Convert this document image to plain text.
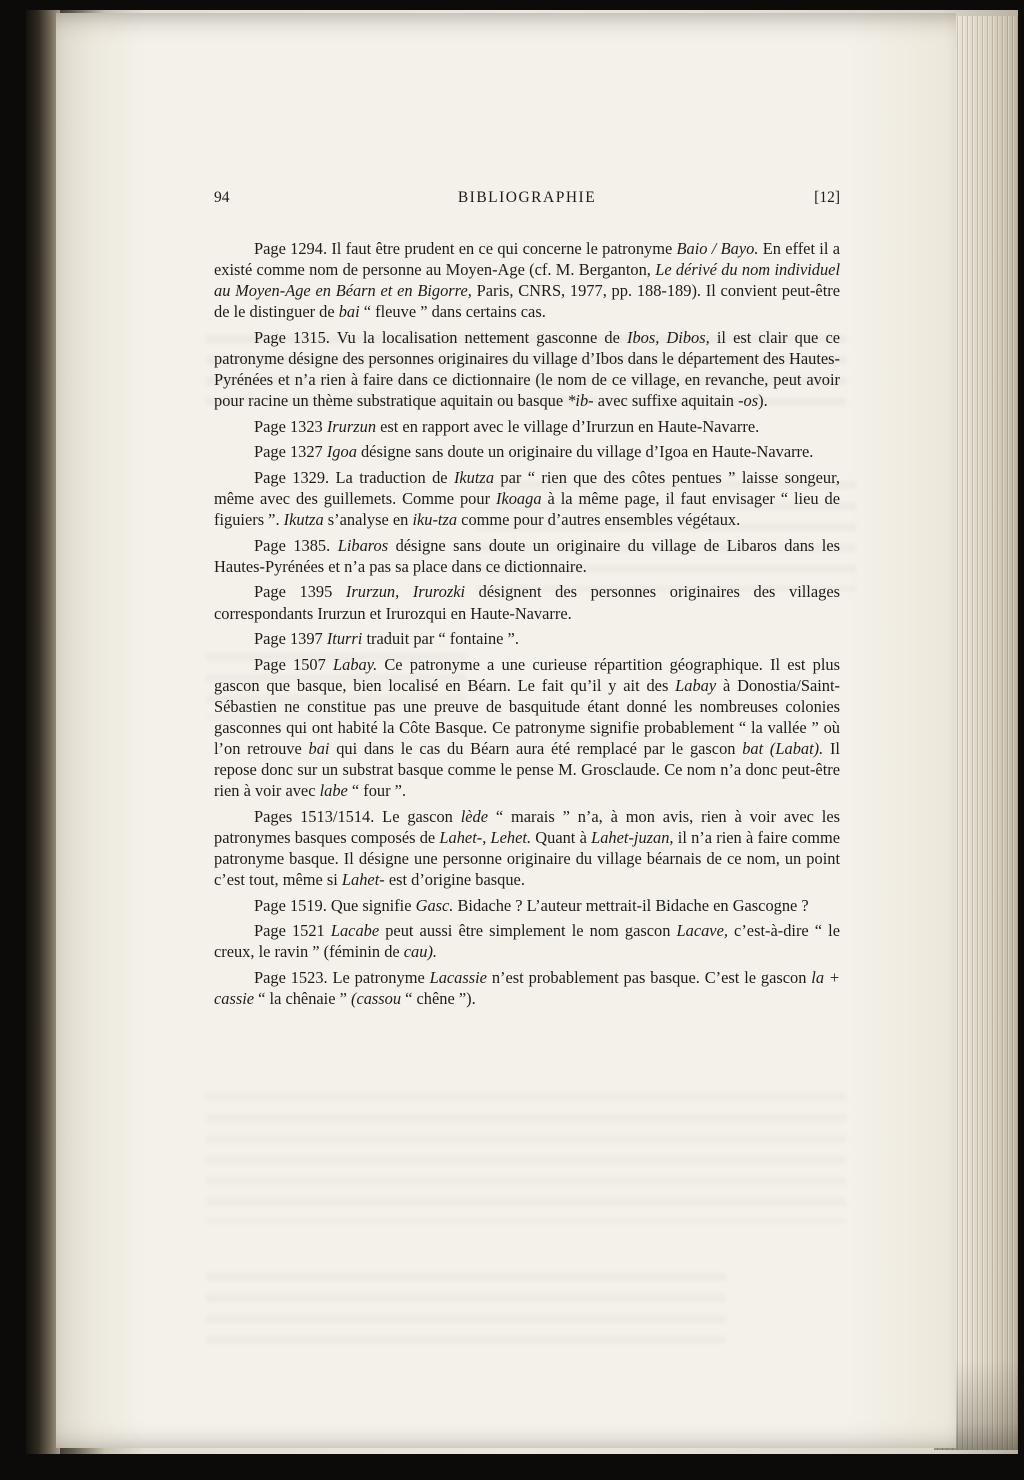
94	BIBLIOGRAPHIE	[12]

Page 1294. Il faut être prudent en ce qui concerne le patronyme Baio / Bayo. En effet il a existé comme nom de personne au Moyen-Age (cf. M. Berganton, Le dérivé du nom individuel au Moyen-Age en Béarn et en Bigorre, Paris, CNRS, 1977, pp. 188-189). Il convient peut-être de le distinguer de bai “ fleuve ” dans certains cas.

Page 1315. Vu la localisation nettement gasconne de Ibos, Dibos, il est clair que ce patronyme désigne des personnes originaires du village d’Ibos dans le département des Hautes-Pyrénées et n’a rien à faire dans ce dictionnaire (le nom de ce village, en revanche, peut avoir pour racine un thème substratique aquitain ou basque *ib- avec suffixe aquitain -os).

Page 1323 Irurzun est en rapport avec le village d’Irurzun en Haute-Navarre.

Page 1327 Igoa désigne sans doute un originaire du village d’Igoa en Haute-Navarre.

Page 1329. La traduction de Ikutza par “ rien que des côtes pentues ” laisse songeur, même avec des guillemets. Comme pour Ikoaga à la même page, il faut envisager “ lieu de figuiers ”. Ikutza s’analyse en iku-tza comme pour d’autres ensembles végétaux.

Page 1385. Libaros désigne sans doute un originaire du village de Libaros dans les Hautes-Pyrénées et n’a pas sa place dans ce dictionnaire.

Page 1395 Irurzun, Irurozki désignent des personnes originaires des villages correspondants Irurzun et Irurozqui en Haute-Navarre.

Page 1397 Iturri traduit par “ fontaine ”.

Page 1507 Labay. Ce patronyme a une curieuse répartition géographique. Il est plus gascon que basque, bien localisé en Béarn. Le fait qu’il y ait des Labay à Donostia/Saint-Sébastien ne constitue pas une preuve de basquitude étant donné les nombreuses colonies gasconnes qui ont habité la Côte Basque. Ce patronyme signifie probablement “ la vallée ” où l’on retrouve bai qui dans le cas du Béarn aura été remplacé par le gascon bat (Labat). Il repose donc sur un substrat basque comme le pense M. Grosclaude. Ce nom n’a donc peut-être rien à voir avec labe “ four ”.

Pages 1513/1514. Le gascon lède “ marais ” n’a, à mon avis, rien à voir avec les patronymes basques composés de Lahet-, Lehet. Quant à Lahet-juzan, il n’a rien à faire comme patronyme basque. Il désigne une personne originaire du village béarnais de ce nom, un point c’est tout, même si Lahet- est d’origine basque.

Page 1519. Que signifie Gasc. Bidache ? L’auteur mettrait-il Bidache en Gascogne ?

Page 1521 Lacabe peut aussi être simplement le nom gascon Lacave, c’est-à-dire “ le creux, le ravin ” (féminin de cau).

Page 1523. Le patronyme Lacassie n’est probablement pas basque. C’est le gascon la + cassie “ la chênaie ” (cassou “ chêne ”).
